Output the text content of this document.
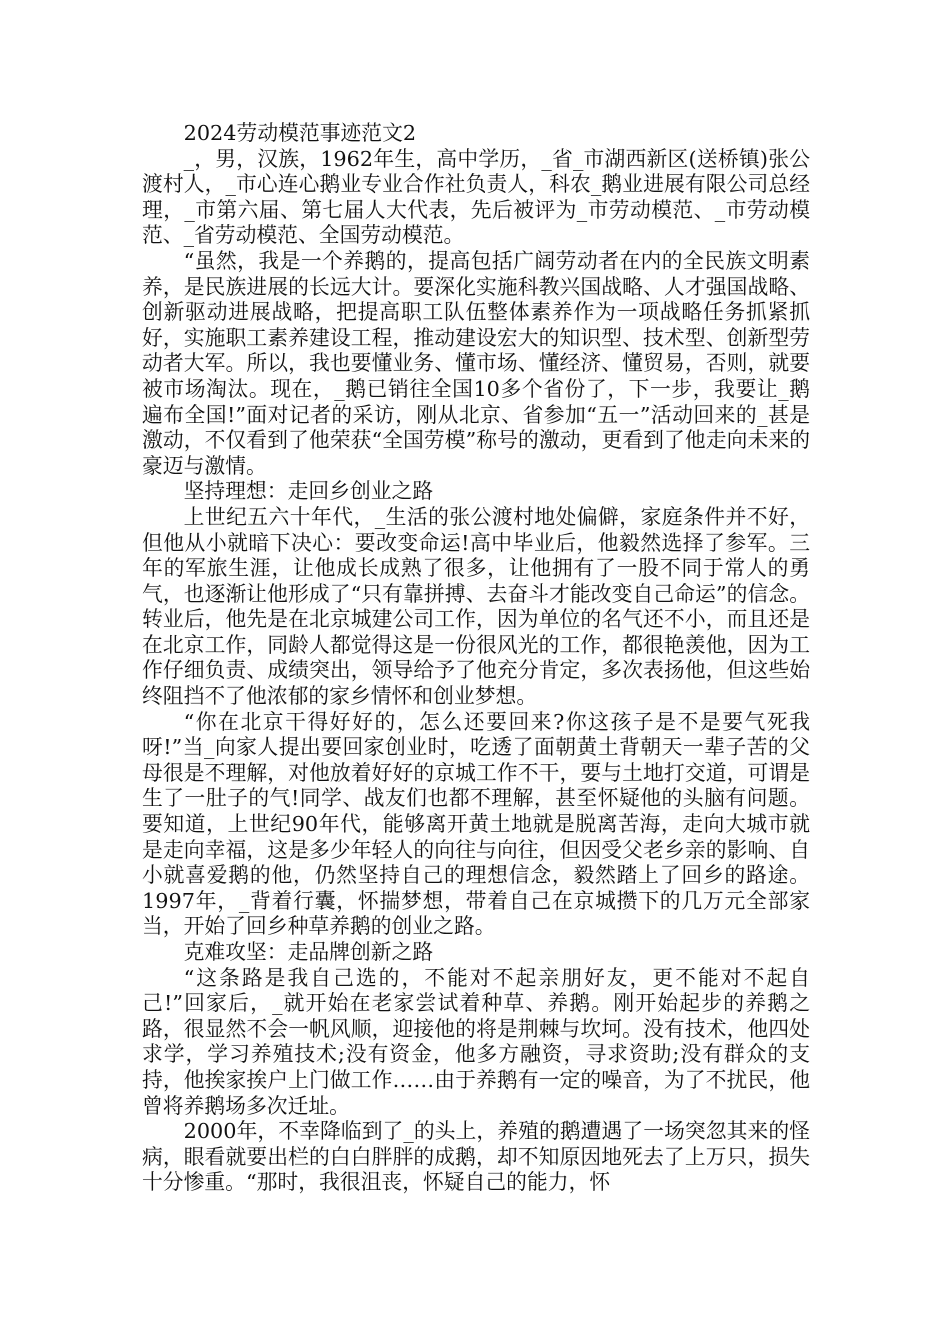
2024劳动模范事迹范文2

_，男，汉族，1962年生，高中学历，_省_市湖西新区(送桥镇)张公渡村人，_市心连心鹅业专业合作社负责人，科农_鹅业进展有限公司总经理，_市第六届、第七届人大代表，先后被评为_市劳动模范、_市劳动模范、_省劳动模范、全国劳动模范。

“虽然，我是一个养鹅的，提高包括广阔劳动者在内的全民族文明素养，是民族进展的长远大计。要深化实施科教兴国战略、人才强国战略、创新驱动进展战略，把提高职工队伍整体素养作为一项战略任务抓紧抓好，实施职工素养建设工程，推动建设宏大的知识型、技术型、创新型劳动者大军。所以，我也要懂业务、懂市场、懂经济、懂贸易，否则，就要被市场淘汰。现在，_鹅已销往全国10多个省份了，下一步，我要让_鹅遍布全国!”面对记者的采访，刚从北京、省参加“五一”活动回来的_甚是激动，不仅看到了他荣获“全国劳模”称号的激动，更看到了他走向未来的豪迈与激情。

坚持理想：走回乡创业之路

上世纪五六十年代，_生活的张公渡村地处偏僻，家庭条件并不好，但他从小就暗下决心：要改变命运!高中毕业后，他毅然选择了参军。三年的军旅生涯，让他成长成熟了很多，让他拥有了一股不同于常人的勇气，也逐渐让他形成了“只有靠拼搏、去奋斗才能改变自己命运”的信念。转业后，他先是在北京城建公司工作，因为单位的名气还不小，而且还是在北京工作，同龄人都觉得这是一份很风光的工作，都很艳羡他，因为工作仔细负责、成绩突出，领导给予了他充分肯定，多次表扬他，但这些始终阻挡不了他浓郁的家乡情怀和创业梦想。

“你在北京干得好好的，怎么还要回来?你这孩子是不是要气死我呀!”当_向家人提出要回家创业时，吃透了面朝黄土背朝天一辈子苦的父母很是不理解，对他放着好好的京城工作不干，要与土地打交道，可谓是生了一肚子的气!同学、战友们也都不理解，甚至怀疑他的头脑有问题。要知道，上世纪90年代，能够离开黄土地就是脱离苦海，走向大城市就是走向幸福，这是多少年轻人的向往与向往，但因受父老乡亲的影响、自小就喜爱鹅的他，仍然坚持自己的理想信念，毅然踏上了回乡的路途。1997年，_背着行囊，怀揣梦想，带着自己在京城攒下的几万元全部家当，开始了回乡种草养鹅的创业之路。

克难攻坚：走品牌创新之路

“这条路是我自己选的，不能对不起亲朋好友，更不能对不起自己!”回家后，_就开始在老家尝试着种草、养鹅。刚开始起步的养鹅之路，很显然不会一帆风顺，迎接他的将是荆棘与坎坷。没有技术，他四处求学，学习养殖技术;没有资金，他多方融资，寻求资助;没有群众的支持，他挨家挨户上门做工作……由于养鹅有一定的噪音，为了不扰民，他曾将养鹅场多次迁址。

2000年，不幸降临到了_的头上，养殖的鹅遭遇了一场突忽其来的怪病，眼看就要出栏的白白胖胖的成鹅，却不知原因地死去了上万只，损失十分惨重。“那时，我很沮丧，怀疑自己的能力，怀
